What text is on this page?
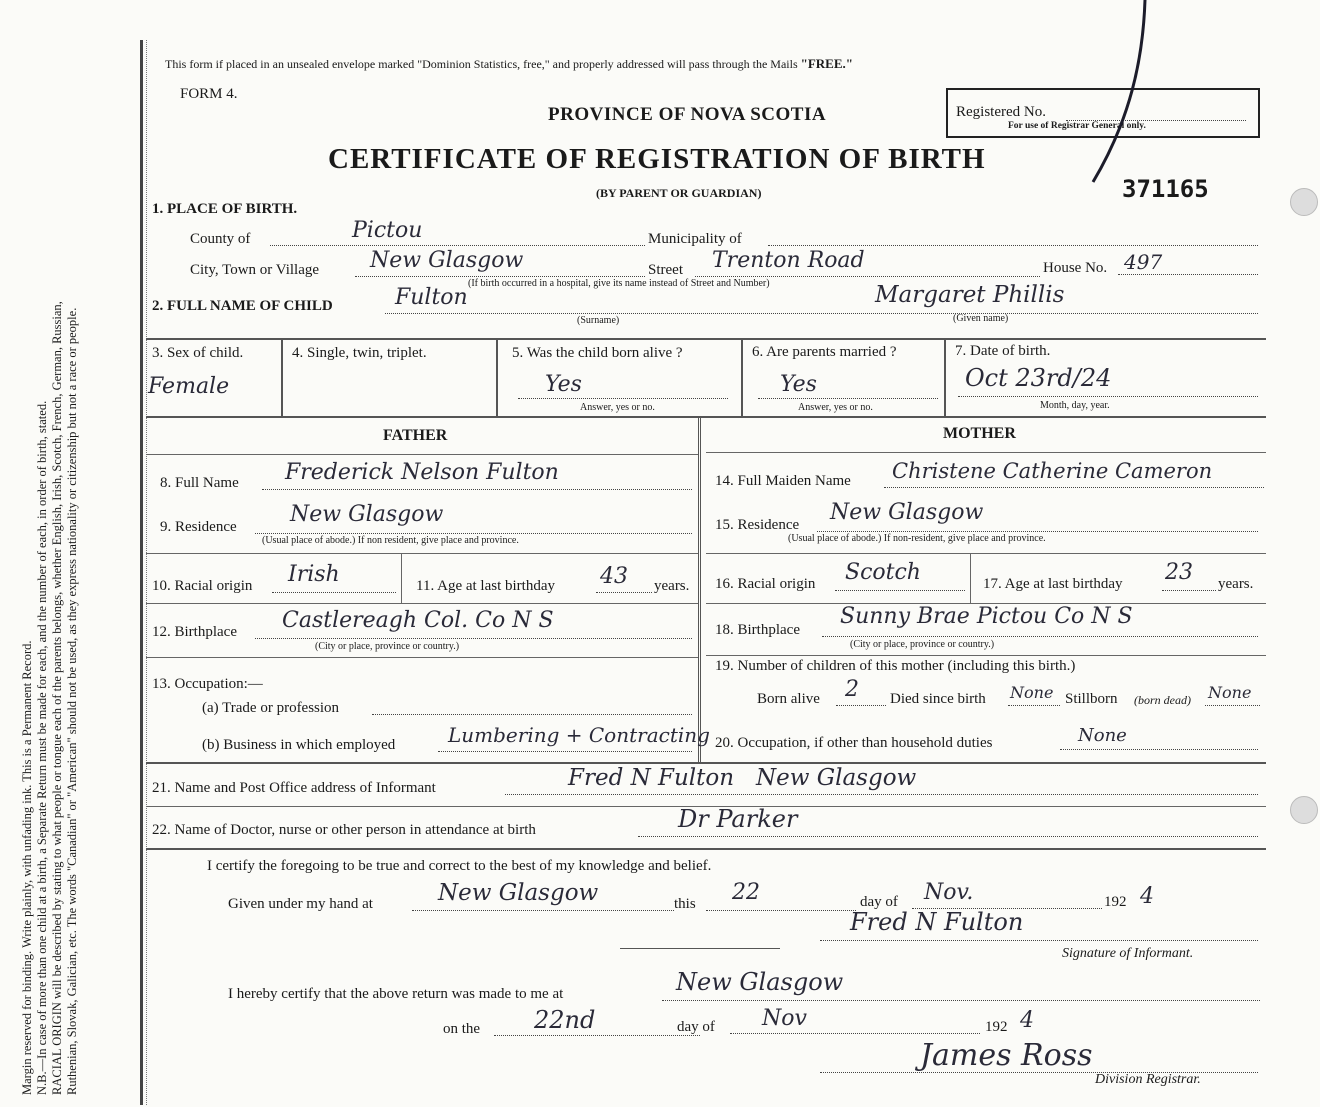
Margin reserved for binding. Write plainly, with unfading ink. This is a Permanent Record. N.B.—In case of more than one child at a birth, a Separate Return must be made for each, and the number of each, in order of birth, stated. RACIAL ORIGIN will be described by stating to what people or tongue each of the parents belongs, whether English, Irish, Scotch, French, German, Russian, Ruthenian, Slovak, Galician, etc. The words "Canadian" or "American" should not be used, as they express nationality or citizenship but not a race or people.
This form if placed in an unsealed envelope marked "Dominion Statistics, free," and properly addressed will pass through the Mails "FREE."
FORM 4.
PROVINCE OF NOVA SCOTIA
CERTIFICATE OF REGISTRATION OF BIRTH
(BY PARENT OR GUARDIAN)
Registered No.
For use of Registrar General only.
371165
1. PLACE OF BIRTH.
County of	Pictou	Municipality of
City, Town or Village New Glasgow	Street Trenton Road	House No. 497
(If birth occurred in a hospital, give its name instead of Street and Number)
2. FULL NAME OF CHILD	Fulton
(Surname)
Margaret Phillis
(Given name)
3. Sex of child.
Female
4. Single, twin, triplet.	5. Was the child born alive ?
Yes
Answer, yes or no.
6. Are parents married ?
Yes
Answer, yes or no.
7. Date of birth.
Oct 23rd/24
Month, day, year.
FATHER	MOTHER
8. Full Name Frederick Nelson Fulton	14. Full Maiden Name Christene Catherine Cameron
9. Residence New Glasgow
(Usual place of abode.) If non resident, give place and province.
15. Residence New Glasgow
(Usual place of abode.) If non-resident, give place and province.
10. Racial origin Irish	11. Age at last birthday 43 years. 16. Racial origin Scotch	17. Age at last birthday 23 years.
12. Birthplace Castlereagh Col. Co N S
(City or place, province or country.)
18. Birthplace
Sunny Brae Pictou Co N S
(City or place, province or country.)
13. Occupation:—
(a) Trade or profession
(b) Business in which employed	Lumbering + Contracting
19. Number of children of this mother (including this birth.)
Born alive 2 Died since birth None Stillborn (born dead) None
20. Occupation, if other than household duties	None
21. Name and Post Office address of Informant	Fred N Fulton   New Glasgow
22. Name of Doctor, nurse or other person in attendance at birth	Dr Parker
I certify the foregoing to be true and correct to the best of my knowledge and belief.
Given under my hand at	New Glasgow	this 22	day of Nov.	192 4
Fred N Fulton
Signature of Informant.
I hereby certify that the above return was made to me at	New Glasgow
on the 22nd	day of Nov	192 4
James Ross
Division Registrar.
